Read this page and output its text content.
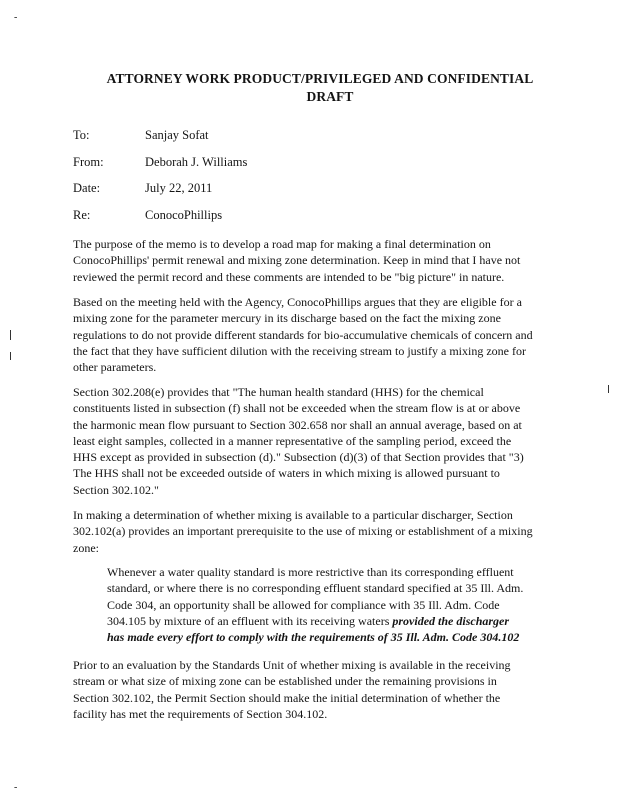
-
-
ATTORNEY WORK PRODUCT/PRIVILEGED AND CONFIDENTIAL
DRAFT
To:	Sanjay Sofat
From:	Deborah J. Williams
Date:	July 22, 2011
Re:	ConocoPhillips
The purpose of the memo is to develop a road map for making a final determination on ConocoPhillips' permit renewal and mixing zone determination. Keep in mind that I have not reviewed the permit record and these comments are intended to be "big picture" in nature.
Based on the meeting held with the Agency, ConocoPhillips argues that they are eligible for a mixing zone for the parameter mercury in its discharge based on the fact the mixing zone regulations to do not provide different standards for bio-accumulative chemicals of concern and the fact that they have sufficient dilution with the receiving stream to justify a mixing zone for other parameters.
Section 302.208(e) provides that "The human health standard (HHS) for the chemical constituents listed in subsection (f) shall not be exceeded when the stream flow is at or above the harmonic mean flow pursuant to Section 302.658 nor shall an annual average, based on at least eight samples, collected in a manner representative of the sampling period, exceed the HHS except as provided in subsection (d)." Subsection (d)(3) of that Section provides that "3) The HHS shall not be exceeded outside of waters in which mixing is allowed pursuant to Section 302.102."
In making a determination of whether mixing is available to a particular discharger, Section 302.102(a) provides an important prerequisite to the use of mixing or establishment of a mixing zone:
Whenever a water quality standard is more restrictive than its corresponding effluent standard, or where there is no corresponding effluent standard specified at 35 Ill. Adm. Code 304, an opportunity shall be allowed for compliance with 35 Ill. Adm. Code 304.105 by mixture of an effluent with its receiving waters provided the discharger has made every effort to comply with the requirements of 35 Ill. Adm. Code 304.102
Prior to an evaluation by the Standards Unit of whether mixing is available in the receiving stream or what size of mixing zone can be established under the remaining provisions in Section 302.102, the Permit Section should make the initial determination of whether the facility has met the requirements of Section 304.102.
